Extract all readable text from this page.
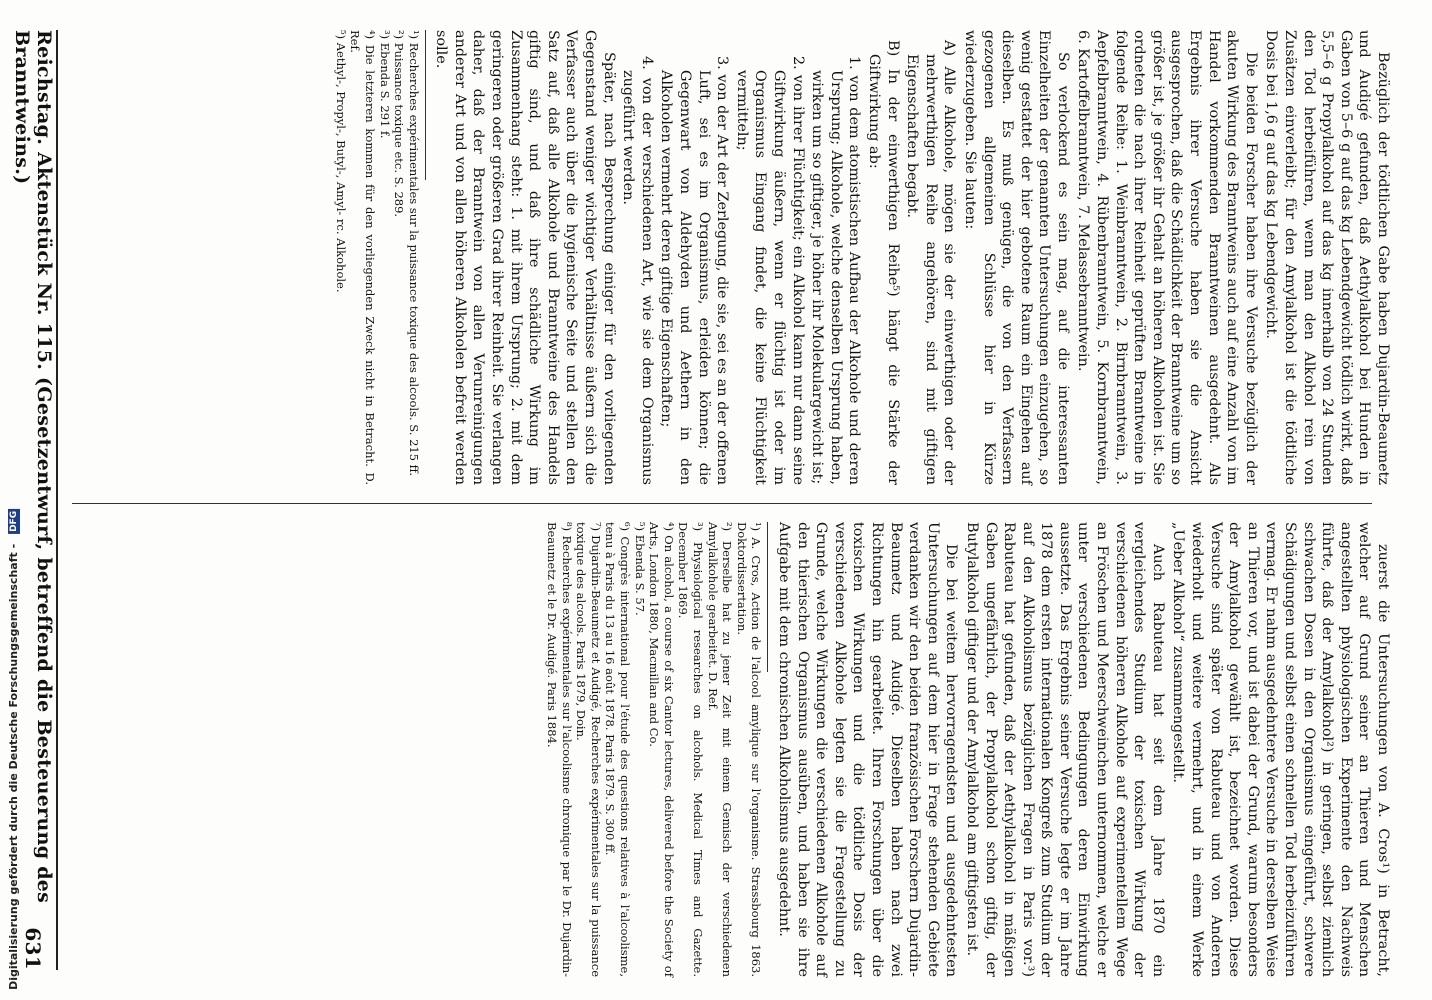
Reichstag. Aktenstück Nr. 115. (Gesetzentwurf, betreffend die Besteuerung des Branntweins.)
631	zuerst die Untersuchungen von A. Cros¹) in Betracht, welcher auf Grund seiner an Thieren und Menschen angestellten physiologischen Experimente den Nachweis führte, daß der Amylalkohol²) in geringen, selbst ziemlich schwachen Dosen in den Organismus eingeführt, schwere Schädigungen und selbst einen schnellen Tod herbeizuführen vermag. Er nahm ausgedehntere Versuche in derselben Weise an Thieren vor, und ist dabei der Grund, warum besonders der Amylalkohol gewählt ist, bezeichnet worden. Diese Versuche sind später von Rabuteau und von Anderen wiederholt und weitere vermehrt, und in einem Werke „Ueber Alkohol“ zusammengestellt.

Auch Rabuteau hat seit dem Jahre 1870 ein vergleichendes Studium der toxischen Wirkung der verschiedenen höheren Alkohole auf experimentellem Wege an Fröschen und Meerschweinchen unternommen, welche er unter verschiedenen Bedingungen deren Einwirkung aussetzte. Das Ergebnis seiner Versuche legte er im Jahre 1878 dem ersten internationalen Kongreß zum Studium der auf den Alkoholismus bezüglichen Fragen in Paris vor.³) Rabuteau hat gefunden, daß der Aethylalkohol in mäßigen Gaben ungefährlich, der Propylalkohol schon giftig, der Butylalkohol giftiger und der Amylalkohol am giftigsten ist.

Die bei weitem hervorragendsten und ausgedehntesten Untersuchungen auf dem hier in Frage stehenden Gebiete verdanken wir den beiden französischen Forschern Dujardin-Beaumetz und Audigé. Dieselben haben nach zwei Richtungen hin gearbeitet. Ihren Forschungen über die toxischen Wirkungen und die tödtliche Dosis der verschiedenen Alkohole legten sie die Fragestellung zu Grunde, welche Wirkungen die verschiedenen Alkohole auf den thierischen Organismus ausüben, und haben sie ihre Aufgabe mit dem chronischen Alkoholismus ausgedehnt.

¹) A. Cros, Action de l'alcool amylique sur l'organisme. Strassbourg 1863. Doktordissertation.
²) Derselbe hat zu jener Zeit mit einem Gemisch der verschiedenen Amylalkohole gearbeitet. D. Ref.
³) Physiological researches on alcohols. Medical Times and Gazette. December 1869.
⁴) On alcohol, a course of six Cantor lectures, delivered before the Society of Arts, London 1880, Macmillan and Co.
⁵) Ebenda S. 57.
⁶) Congrès international pour l'étude des questions relatives à l'alcoolisme, tenu à Paris du 13 au 16 août 1878. Paris 1879. S. 300 ff.
⁷) Dujardin-Beaumetz et Audigé, Recherches expérimentales sur la puissance toxique des alcools. Paris 1879, Doin.
⁸) Recherches expérimentales sur l'alcoolisme chronique par le Dr. Dujardin-Beaumetz et le Dr. Audigé. Paris 1884.

Bezüglich der tödtlichen Gabe haben Dujardin-Beaumetz und Audigé gefunden, daß Aethylalkohol bei Hunden in Gaben von 5–6 g auf das kg Lebendgewicht tödlich wirkt, daß 5,5–6 g Propylalkohol auf das kg innerhalb von 24 Stunden den Tod herbeiführen, wenn man den Alkohol rein von Zusätzen einverleibt; für den Amylalkohol ist die tödtliche Dosis bei 1,6 g auf das kg Lebendgewicht.

Die beiden Forscher haben ihre Versuche bezüglich der akuten Wirkung des Branntweins auch auf eine Anzahl von im Handel vorkommenden Branntweinen ausgedehnt. Als Ergebnis ihrer Versuche haben sie die Ansicht ausgesprochen, daß die Schädlichkeit der Branntweine um so größer ist, je größer ihr Gehalt an höheren Alkoholen ist. Sie ordneten die nach ihrer Reinheit geprüften Branntweine in folgende Reihe: 1. Weinbranntwein, 2. Birnbranntwein, 3. Aepfelbranntwein, 4. Rübenbranntwein, 5. Kornbranntwein, 6. Kartoffelbranntwein, 7. Melassebranntwein.

So verlockend es sein mag, auf die interessanten Einzelheiten der genannten Untersuchungen einzugehen, so wenig gestattet der hier gebotene Raum ein Eingehen auf dieselben. Es muß genügen, die von den Verfassern gezogenen allgemeinen Schlüsse hier in Kürze wiederzugeben. Sie lauten:

A) Alle Alkohole, mögen sie der einwerthigen oder der mehrwerthigen Reihe angehören, sind mit giftigen Eigenschaften begabt.
B) In der einwerthigen Reihe⁵) hängt die Stärke der Giftwirkung ab:
1. von dem atomistischen Aufbau der Alkohole und deren Ursprung; Alkohole, welche denselben Ursprung haben, wirken um so giftiger, je höher ihr Molekulargewicht ist;
2. von ihrer Flüchtigkeit; ein Alkohol kann nur dann seine Giftwirkung äußern, wenn er flüchtig ist oder im Organismus Eingang findet, die keine Flüchtigkeit vermitteln;
3. von der Art der Zerlegung, die sie, sei es an der offenen Luft, sei es im Organismus, erleiden können; die Gegenwart von Aldehyden und Aethern in den Alkoholen vermehrt deren giftige Eigenschaften;
4. von der verschiedenen Art, wie sie dem Organismus zugeführt werden.

Später, nach Besprechung einiger für den vorliegenden Gegenstand weniger wichtiger Verhältnisse äußern sich die Verfasser auch über die hygienische Seite und stellen den Satz auf, daß alle Alkohole und Branntweine des Handels giftig sind, und daß ihre schädliche Wirkung im Zusammenhang steht: 1. mit ihrem Ursprung; 2. mit dem geringeren oder größeren Grad ihrer Reinheit. Sie verlangen daher, daß der Branntwein von allen Verunreinigungen anderer Art und von allen höheren Alkoholen befreit werden solle.

¹) Recherches expérimentales sur la puissance toxique des alcools. S. 215 ff.
²) Puissance toxique etc. S. 289.
³) Ebenda S. 291 f.
⁴) Die letzteren kommen für den vorliegenden Zweck nicht in Betracht. D. Ref.
⁵) Aethyl-, Propyl-, Butyl-, Amyl- rc. Alkohole.
Digitalisierung gefördert durch die Deutsche Forschungsgemeinschaft - DFG
